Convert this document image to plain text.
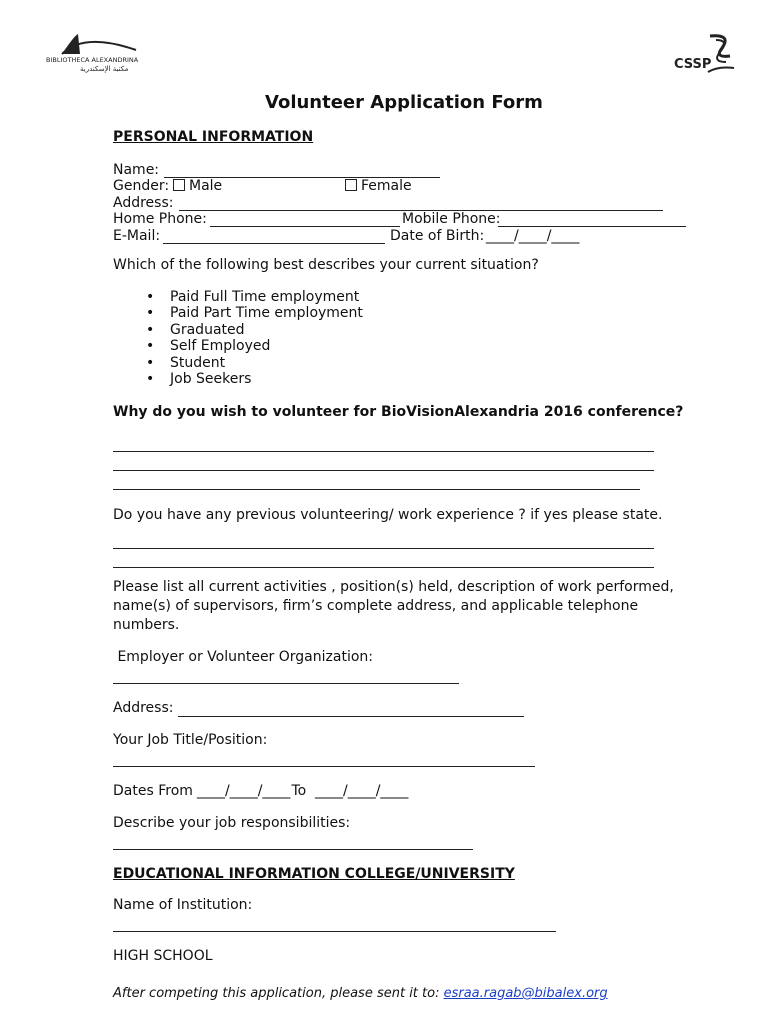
BIBLIOTHECA ALEXANDRINA
مكتبة الإسكندرية	CSSP
Volunteer Application Form
PERSONAL INFORMATION
Name:
Gender:	Male	Female
Address:
Home Phone:	Mobile Phone:
E-Mail:	Date of Birth:
____/____/____
Which of the following best describes your current situation?
• Paid Full Time employment
• Paid Part Time employment
• Graduated
• Self Employed
• Student
• Job Seekers
Why do you wish to volunteer for BioVisionAlexandria 2016 conference?
Do you have any previous volunteering/ work experience ? if yes please state.
Please list all current activities , position(s) held, description of work performed,
name(s) of supervisors, firm’s complete address, and applicable telephone
numbers.
Employer or Volunteer Organization:
Address:
Your Job Title/Position:
Dates From ____/____/____
To ____/____/____
Describe your job responsibilities:
EDUCATIONAL INFORMATION COLLEGE/UNIVERSITY
Name of Institution:
HIGH SCHOOL
After competing this application, please sent it to: esraa.ragab@bibalex.org
